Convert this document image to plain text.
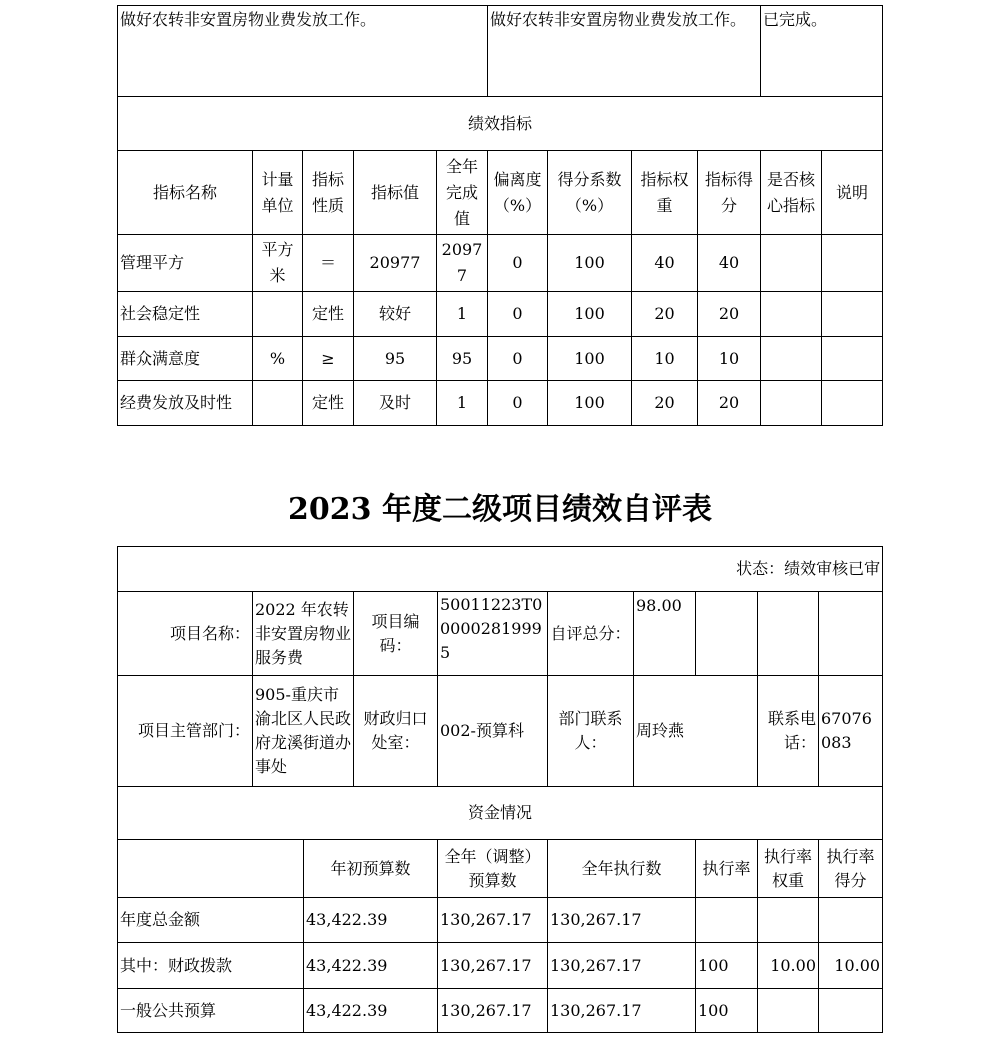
做好农转非安置房物业费发放工作。					做好农转非安置房物业费发放工作。				已完成。	
绩效指标										
指标名称	计量单位	指标性质	指标值	全年完成值	偏离度（%）	得分系数（%）	指标权重	指标得分	是否核心指标	说明
管理平方	平方米	＝	20977	20977	0	100	40	40		
社会稳定性		定性	较好	1	0	100	20	20		
群众满意度	%	≥	95	95	0	100	10	10		
经费发放及时性		定性	及时	1	0	100	20	20		
2023 年度二级项目绩效自评表
状态：绩效审核已审									
项目名称：	2022 年农转非安置房物业服务费		项目编码：	50011223T000002819995	自评总分：	98.00			
项目主管部门：	905-重庆市渝北区人民政府龙溪街道办事处		财政归口处室：	002-预算科	部门联系人：	周玲燕		联系电话：	67076083
资金情况									
		年初预算数		全年（调整）预算数	全年执行数		执行率	执行率权重	执行率得分
年度总金额		43,422.39		130,267.17	130,267.17				
其中：财政拨款		43,422.39		130,267.17	130,267.17		100	10.00	10.00
一般公共预算		43,422.39		130,267.17	130,267.17		100		
